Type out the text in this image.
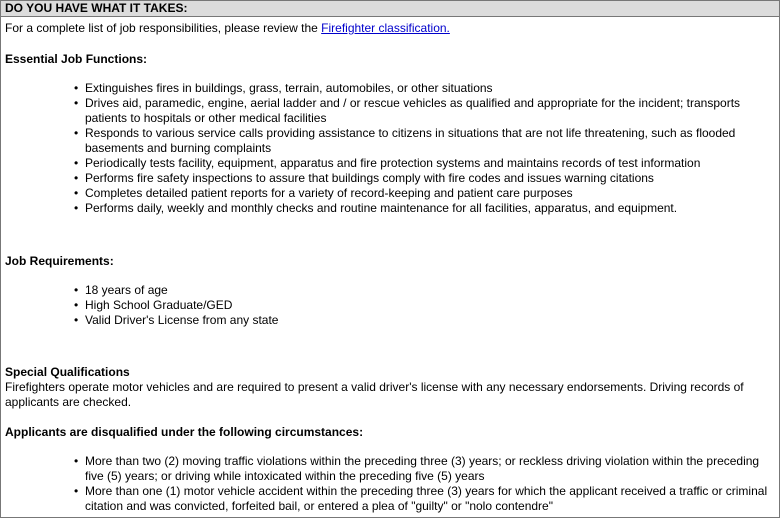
DO YOU HAVE WHAT IT TAKES:

For a complete list of job responsibilities, please review the Firefighter classification.

Essential Job Functions:

• Extinguishes fires in buildings, grass, terrain, automobiles, or other situations
• Drives aid, paramedic, engine, aerial ladder and / or rescue vehicles as qualified and appropriate for the incident; transports patients to hospitals or other medical facilities
• Responds to various service calls providing assistance to citizens in situations that are not life threatening, such as flooded basements and burning complaints
• Periodically tests facility, equipment, apparatus and fire protection systems and maintains records of test information
• Performs fire safety inspections to assure that buildings comply with fire codes and issues warning citations
• Completes detailed patient reports for a variety of record-keeping and patient care purposes
• Performs daily, weekly and monthly checks and routine maintenance for all facilities, apparatus, and equipment.

Job Requirements:

• 18 years of age
• High School Graduate/GED
• Valid Driver's License from any state

Special Qualifications

Firefighters operate motor vehicles and are required to present a valid driver's license with any necessary endorsements. Driving records of applicants are checked.

Applicants are disqualified under the following circumstances:

• More than two (2) moving traffic violations within the preceding three (3) years; or reckless driving violation within the preceding five (5) years; or driving while intoxicated within the preceding five (5) years
• More than one (1) motor vehicle accident within the preceding three (3) years for which the applicant received a traffic or criminal citation and was convicted, forfeited bail, or entered a plea of "guilty" or "nolo contendre"
